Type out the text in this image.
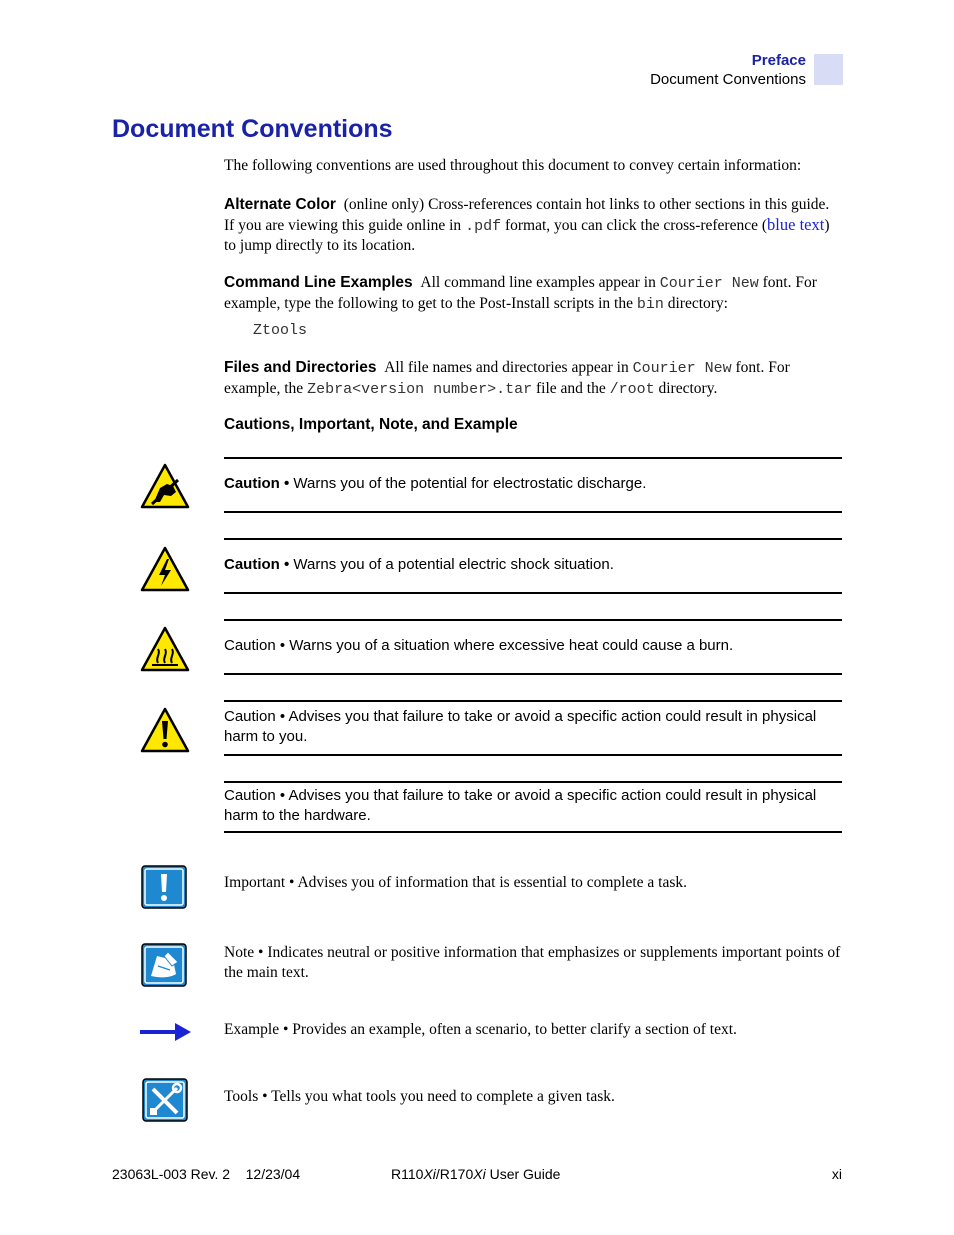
Preface
Document Conventions
Document Conventions
The following conventions are used throughout this document to convey certain information:
Alternate Color (online only) Cross-references contain hot links to other sections in this guide. If you are viewing this guide online in .pdf format, you can click the cross-reference (blue text) to jump directly to its location.
Command Line Examples All command line examples appear in Courier New font. For example, type the following to get to the Post-Install scripts in the bin directory:
Ztools
Files and Directories All file names and directories appear in Courier New font. For example, the Zebra<version number>.tar file and the /root directory.
Cautions, Important, Note, and Example
Caution • Warns you of the potential for electrostatic discharge.
Caution • Warns you of a potential electric shock situation.
Caution • Warns you of a situation where excessive heat could cause a burn.
Caution • Advises you that failure to take or avoid a specific action could result in physical harm to you.
Caution • Advises you that failure to take or avoid a specific action could result in physical harm to the hardware.
Important • Advises you of information that is essential to complete a task.
Note • Indicates neutral or positive information that emphasizes or supplements important points of the main text.
Example • Provides an example, often a scenario, to better clarify a section of text.
Tools • Tells you what tools you need to complete a given task.
23063L-003 Rev. 2 12/23/04	R110Xi/R170Xi User Guide	xi
